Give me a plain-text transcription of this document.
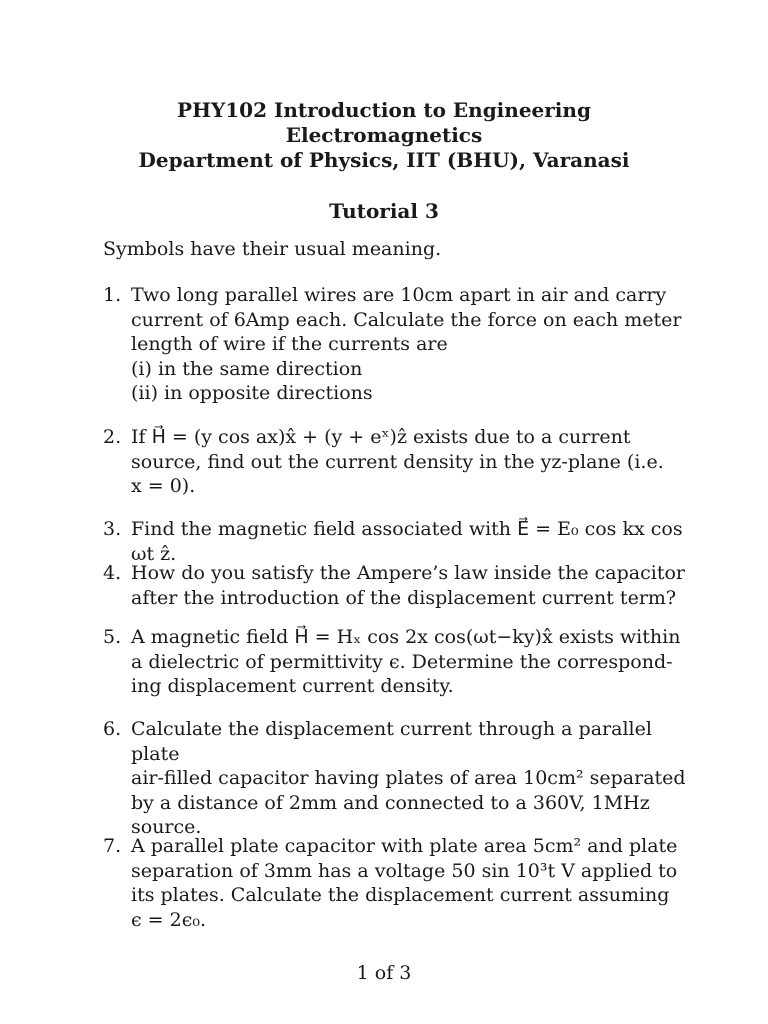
PHY102 Introduction to Engineering
Electromagnetics
Department of Physics, IIT (BHU), Varanasi
Tutorial 3
Symbols have their usual meaning.
1. Two long parallel wires are 10cm apart in air and carry
current of 6Amp each. Calculate the force on each meter
length of wire if the currents are
(i) in the same direction
(ii) in opposite directions
2. If H⃗ = (y cos ax)x̂ + (y + eˣ)ẑ exists due to a current
source, find out the current density in the yz-plane (i.e.
x = 0).
3. Find the magnetic field associated with E⃗ = E₀ cos kx cos ωt ẑ.
4. How do you satisfy the Ampere’s law inside the capacitor
after the introduction of the displacement current term?
5. A magnetic field H⃗ = Hₓ cos 2x cos(ωt−ky)x̂ exists within
a dielectric of permittivity ϵ. Determine the correspond-
ing displacement current density.
6. Calculate the displacement current through a parallel plate
air-filled capacitor having plates of area 10cm² separated
by a distance of 2mm and connected to a 360V, 1MHz
source.
7. A parallel plate capacitor with plate area 5cm² and plate
separation of 3mm has a voltage 50 sin 10³t V applied to
its plates. Calculate the displacement current assuming
ϵ = 2ϵ₀.
1 of 3
